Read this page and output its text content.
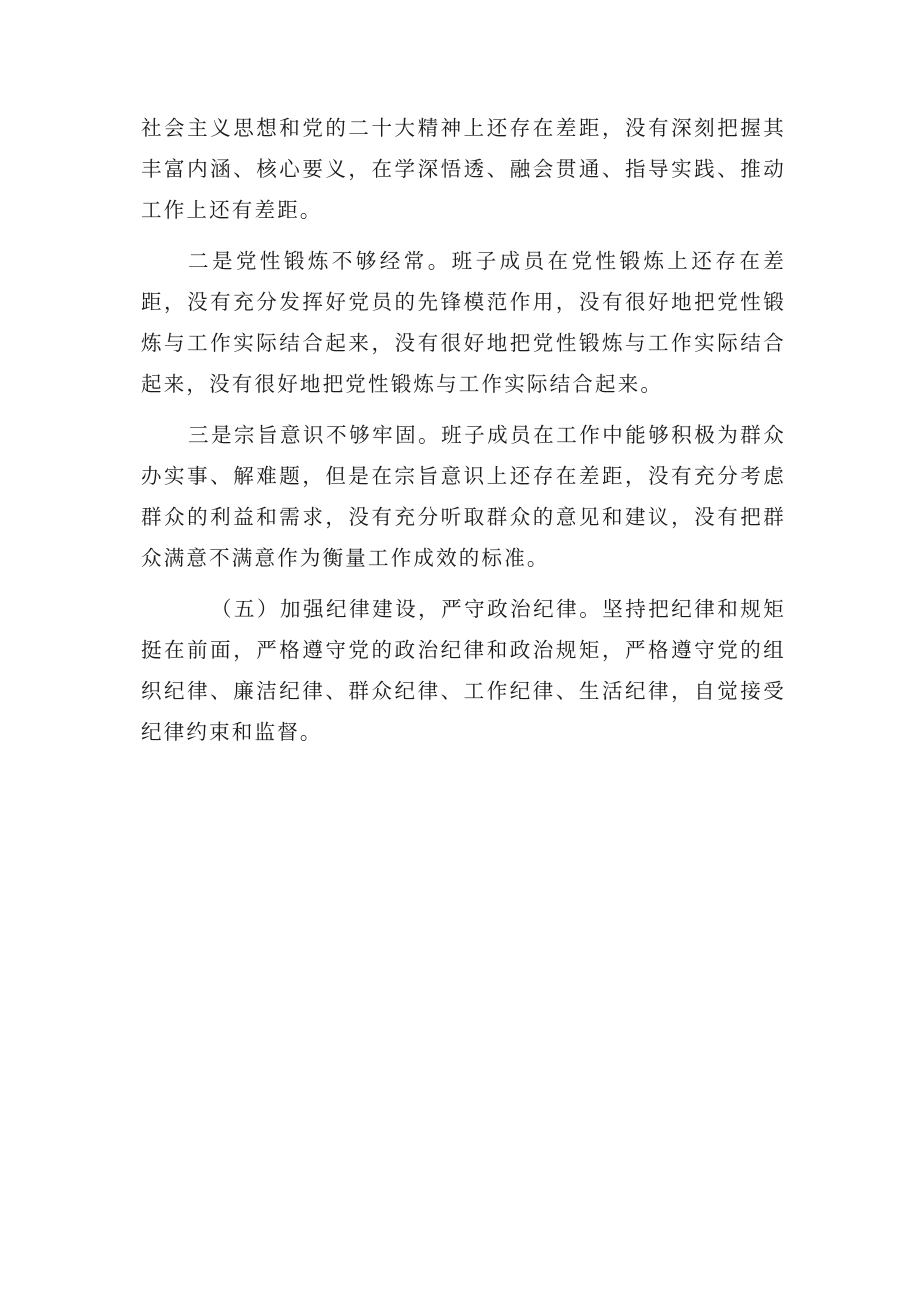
社会主义思想和党的二十大精神上还存在差距，没有深刻把握其丰富内涵、核心要义，在学深悟透、融会贯通、指导实践、推动工作上还有差距。

二是党性锻炼不够经常。班子成员在党性锻炼上还存在差距，没有充分发挥好党员的先锋模范作用，没有很好地把党性锻炼与工作实际结合起来，没有很好地把党性锻炼与工作实际结合起来，没有很好地把党性锻炼与工作实际结合起来。

三是宗旨意识不够牢固。班子成员在工作中能够积极为群众办实事、解难题，但是在宗旨意识上还存在差距，没有充分考虑群众的利益和需求，没有充分听取群众的意见和建议，没有把群众满意不满意作为衡量工作成效的标准。

（五）加强纪律建设，严守政治纪律。坚持把纪律和规矩挺在前面，严格遵守党的政治纪律和政治规矩，严格遵守党的组织纪律、廉洁纪律、群众纪律、工作纪律、生活纪律，自觉接受纪律约束和监督。
